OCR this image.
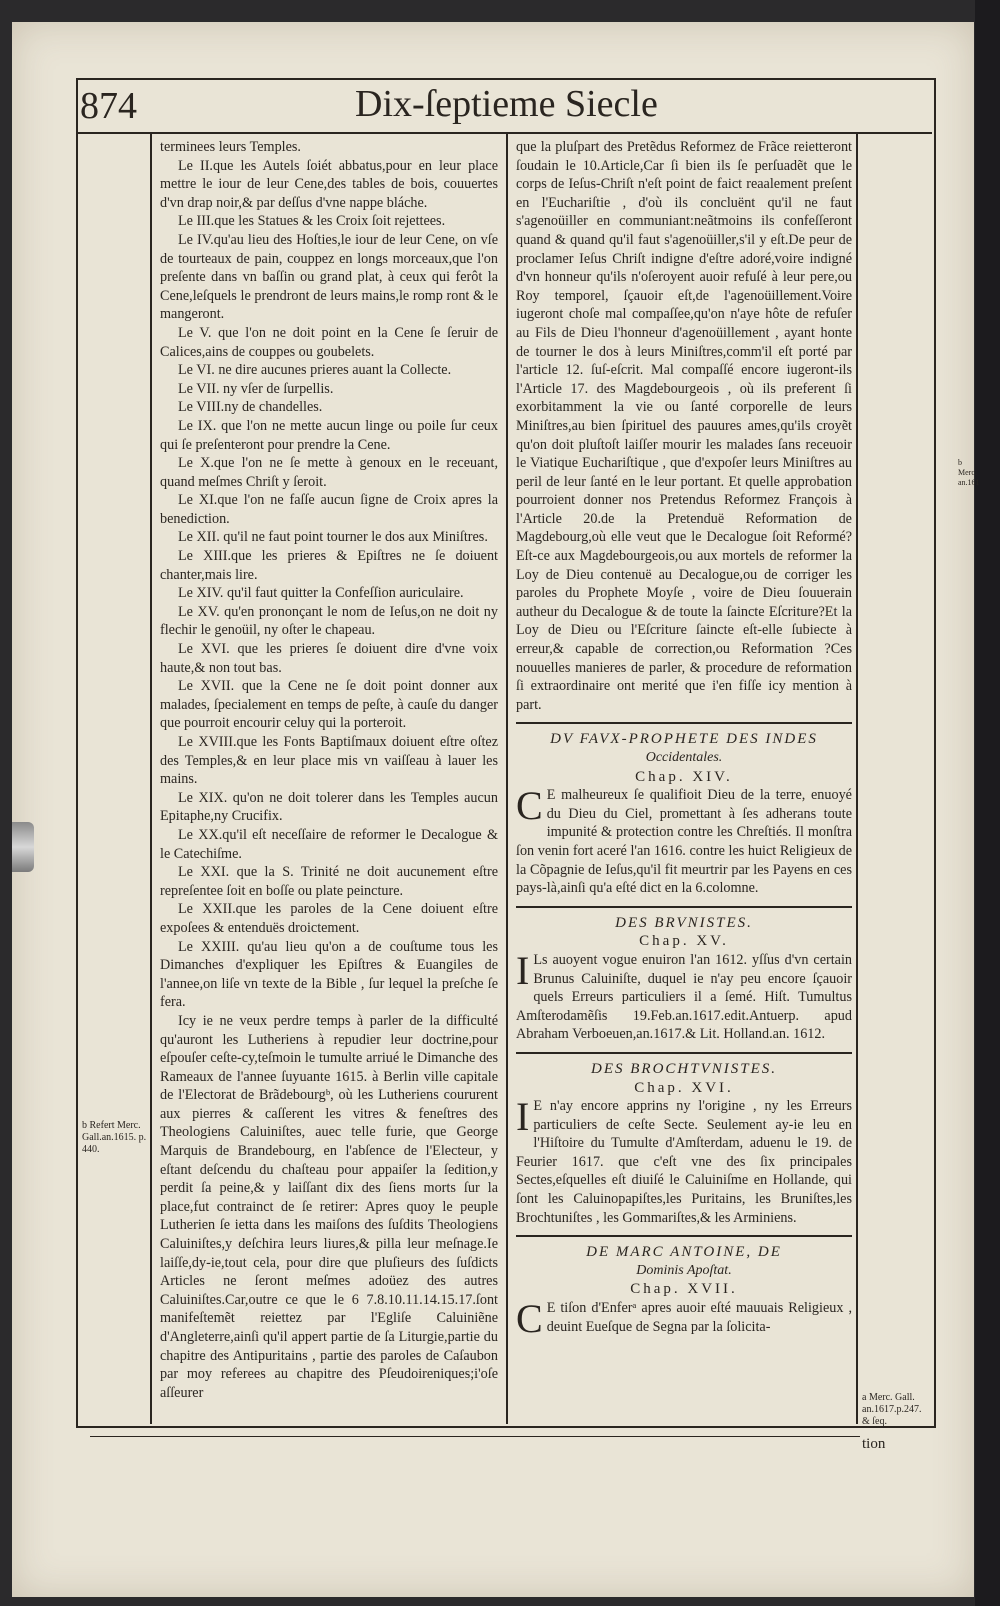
874	Dix-ſeptieme Siecle

terminees leurs Temples.

Le II.que les Autels ſoiét abbatus,pour en leur place mettre le iour de leur Cene,des tables de bois, couuertes d'vn drap noir,& par deſſus d'vne nappe bláche.

Le III.que les Statues & les Croix ſoit rejettees.

Le IV.qu'au lieu des Hoſties,le iour de leur Cene, on vſe de tourteaux de pain, couppez en longs morceaux,que l'on preſente dans vn baſſin ou grand plat, à ceux qui ferôt la Cene,leſquels le prendront de leurs mains,le romp ront & le mangeront.

Le V. que l'on ne doit point en la Cene ſe ſeruir de Calices,ains de couppes ou goubelets.

Le VI. ne dire aucunes prieres auant la Collecte.

Le VII. ny vſer de ſurpellis.

Le VIII.ny de chandelles.

Le IX. que l'on ne mette aucun linge ou poile ſur ceux qui ſe preſenteront pour prendre la Cene.

Le X.que l'on ne ſe mette à genoux en le receuant, quand meſmes Chriſt y ſeroit.

Le XI.que l'on ne faſſe aucun ſigne de Croix apres la benediction.

Le XII. qu'il ne faut point tourner le dos aux Miniſtres.

Le XIII.que les prieres & Epiſtres ne ſe doiuent chanter,mais lire.

Le XIV. qu'il faut quitter la Confeſſion auriculaire.

Le XV. qu'en prononçant le nom de Ieſus,on ne doit ny flechir le genoüil, ny oſter le chapeau.

Le XVI. que les prieres ſe doiuent dire d'vne voix haute,& non tout bas.

Le XVII. que la Cene ne ſe doit point donner aux malades, ſpecialement en temps de peſte, à cauſe du danger que pourroit encourir celuy qui la porteroit.

Le XVIII.que les Fonts Baptiſmaux doiuent eſtre oſtez des Temples,& en leur place mis vn vaiſſeau à lauer les mains.

Le XIX. qu'on ne doit tolerer dans les Temples aucun Epitaphe,ny Crucifix.

Le XX.qu'il eſt neceſſaire de reformer le Decalogue & le Catechiſme.

Le XXI. que la S. Trinité ne doit aucunement eſtre repreſentee ſoit en boſſe ou plate peincture.

Le XXII.que les paroles de la Cene doiuent eſtre expoſees & entenduës droictement.

Le XXIII. qu'au lieu qu'on a de couſtume tous les Dimanches d'expliquer les Epiſtres & Euangiles de l'annee,on liſe vn texte de la Bible , ſur lequel la preſche ſe fera.

Icy ie ne veux perdre temps à parler de la difficulté qu'auront les Lutheriens à repudier leur doctrine,pour eſpouſer ceſte-cy,teſmoin le tumulte arriué le Dimanche des Rameaux de l'annee ſuyuante 1615. à Berlin ville capitale de l'Electorat de Brãdebourgᵇ, où les Lutheriens coururent aux pierres & caſſerent les vitres & feneſtres des Theologiens Caluiniſtes, auec telle furie, que George Marquis de Brandebourg, en l'abſence de l'Electeur, y eſtant deſcendu du chaſteau pour appaiſer la ſedition,y perdit ſa peine,& y laiſſant dix des ſiens morts ſur la place,fut contrainct de ſe retirer: Apres quoy le peuple Lutherien ſe ietta dans les maiſons des ſuſdits Theologiens Caluiniſtes,y deſchira leurs liures,& pilla leur meſnage.Ie laiſſe,dy-ie,tout cela, pour dire que pluſieurs des ſuſdicts Articles ne ſeront meſmes adoüez des autres Caluiniſtes.Car,outre ce que le 6 7.8.10.11.14.15.17.ſont manifeſtemẽt reiettez par l'Egliſe Caluiniẽne d'Angleterre,ainſi qu'il appert partie de ſa Liturgie,partie du chapitre des Antipuritains , partie des paroles de Caſaubon par moy referees au chapitre des Pſeudoireniques;i'oſe aſſeurer

que la pluſpart des Pretẽdus Reformez de Frãce reietteront ſoudain le 10.Article,Car ſi bien ils ſe perſuadẽt que le corps de Ieſus-Chriſt n'eſt point de faict reaalement preſent en l'Euchariſtie , d'où ils concluënt qu'il ne faut s'agenoüiller en communiant:neãtmoins ils confeſſeront quand & quand qu'il faut s'agenoüiller,s'il y eſt.De peur de proclamer Ieſus Chriſt indigne d'eſtre adoré,voire indigné d'vn honneur qu'ils n'oſeroyent auoir refuſé à leur pere,ou Roy temporel, ſçauoir eſt,de l'agenoüillement.Voire iugeront choſe mal compaſſee,qu'on n'aye hôte de refuſer au Fils de Dieu l'honneur d'agenoüillement , ayant honte de tourner le dos à leurs Miniſtres,comm'il eſt porté par l'article 12. ſuſ-eſcrit. Mal compaſſé encore iugeront-ils l'Article 17. des Magdebourgeois , où ils preferent ſi exorbitamment la vie ou ſanté corporelle de leurs Miniſtres,au bien ſpirituel des pauures ames,qu'ils croyẽt qu'on doit pluſtoſt laiſſer mourir les malades ſans receuoir le Viatique Euchariſtique , que d'expoſer leurs Miniſtres au peril de leur ſanté en le leur portant. Et quelle approbation pourroient donner nos Pretendus Reformez François à l'Article 20.de la Pretenduë Reformation de Magdebourg,où elle veut que le Decalogue ſoit Reformé?Eſt-ce aux Magdebourgeois,ou aux mortels de reformer la Loy de Dieu contenuë au Decalogue,ou de corriger les paroles du Prophete Moyſe , voire de Dieu ſouuerain autheur du Decalogue & de toute la ſaincte Eſcriture?Et la Loy de Dieu ou l'Eſcriture ſaincte eſt-elle ſubiecte à erreur,& capable de correction,ou Reformation ?Ces nouuelles manieres de parler, & procedure de reformation ſi extraordinaire ont merité que i'en fiſſe icy mention à part.

DV FAVX-PROPHETE DES INDES
Occidentales.
Chap. XIV.

C E malheureux ſe qualifioit Dieu de la terre, enuoyé du Dieu du Ciel, promettant à ſes adherans toute impunité & protection contre les Chreſtiés. Il monſtra ſon venin fort aceré l'an 1616. contre les huict Religieux de la Cõpagnie de Ieſus,qu'il fit meurtrir par les Payens en ces pays-là,ainſi qu'a eſté dict en la 6.colomne.

DES BRVNISTES.
Chap. XV.

I Ls auoyent vogue enuiron l'an 1612. yſſus d'vn certain Brunus Caluiniſte, duquel ie n'ay peu encore ſçauoir quels Erreurs particuliers il a ſemé. Hiſt. Tumultus Amſterodamẽſis 19.Feb.an.1617.edit.Antuerp. apud Abraham Verboeuen,an.1617.& Lit. Holland.an. 1612.

DES BROCHTVNISTES.
Chap. XVI.

I E n'ay encore apprins ny l'origine , ny les Erreurs particuliers de ceſte Secte. Seulement ay-ie leu en l'Hiſtoire du Tumulte d'Amſterdam, aduenu le 19. de Feurier 1617. que c'eſt vne des ſix principales Sectes,eſquelles eſt diuiſé le Caluiniſme en Hollande, qui ſont les Caluinopapiſtes,les Puritains, les Bruniſtes,les Brochtuniſtes , les Gommariſtes,& les Arminiens.

DE MARC ANTOINE, DE
Dominis Apoſtat.
Chap. XVII.

C E tiſon d'Enferᵃ apres auoir eſté mauuais Religieux , deuint Eueſque de Segna par la ſolicita-

b Refert Merc. Gall.an.1615. p. 440.
a Merc. Gall. an.1617.p.247. & ſeq.
b Merc. an.161
tion
